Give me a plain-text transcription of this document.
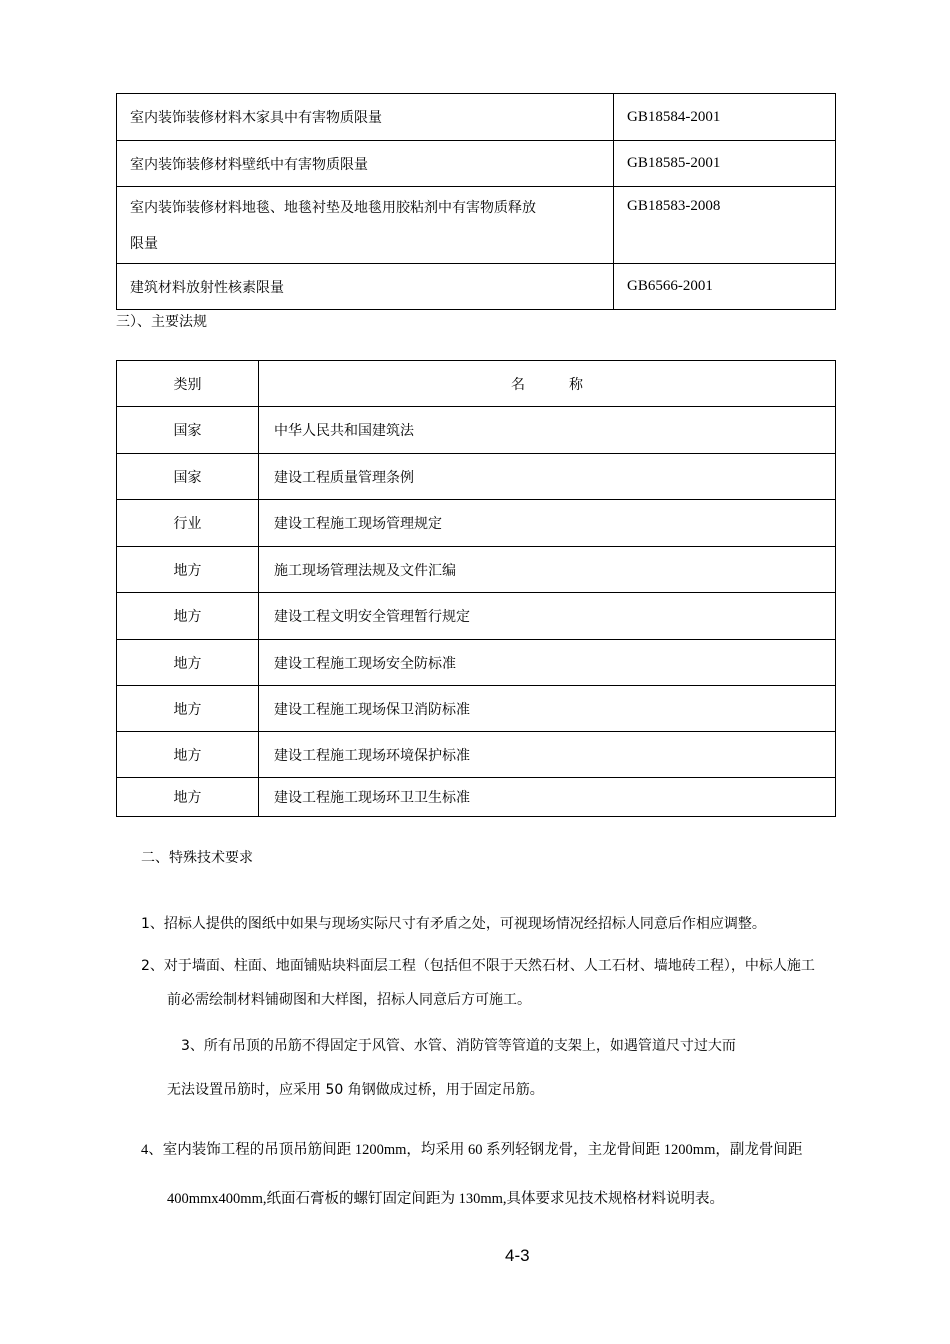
室内装饰装修材料木家具中有害物质限量	GB18584-2001
室内装饰装修材料壁纸中有害物质限量	GB18585-2001

室内装饰装修材料地毯、地毯衬垫及地毯用胶粘剂中有害物质释放
限量	GB18583-2008
建筑材料放射性核素限量	GB6566-2001
三）、主要法规
类别	名 称
国家	中华人民共和国建筑法
国家	建设工程质量管理条例
行业	建设工程施工现场管理规定
地方	施工现场管理法规及文件汇编
地方	建设工程文明安全管理暂行规定
地方	建设工程施工现场安全防标准
地方	建设工程施工现场保卫消防标准
地方	建设工程施工现场环境保护标准
地方	建设工程施工现场环卫卫生标准
二、特殊技术要求
1、招标人提供的图纸中如果与现场实际尺寸有矛盾之处，可视现场情况经招标人同意后作相应调整。
2、对于墙面、柱面、地面铺贴块料面层工程（包括但不限于天然石材、人工石材、墙地砖工程），中标人施工
前必需绘制材料铺砌图和大样图，招标人同意后方可施工。
3、所有吊顶的吊筋不得固定于风管、水管、消防管等管道的支架上，如遇管道尺寸过大而
无法设置吊筋时，应采用 50 角钢做成过桥，用于固定吊筋。
4、室内装饰工程的吊顶吊筋间距 1200mm，均采用 60 系列轻钢龙骨，主龙骨间距 1200mm，副龙骨间距
400mmx400mm,纸面石膏板的螺钉固定间距为 130mm,具体要求见技术规格材料说明表。
4-3
